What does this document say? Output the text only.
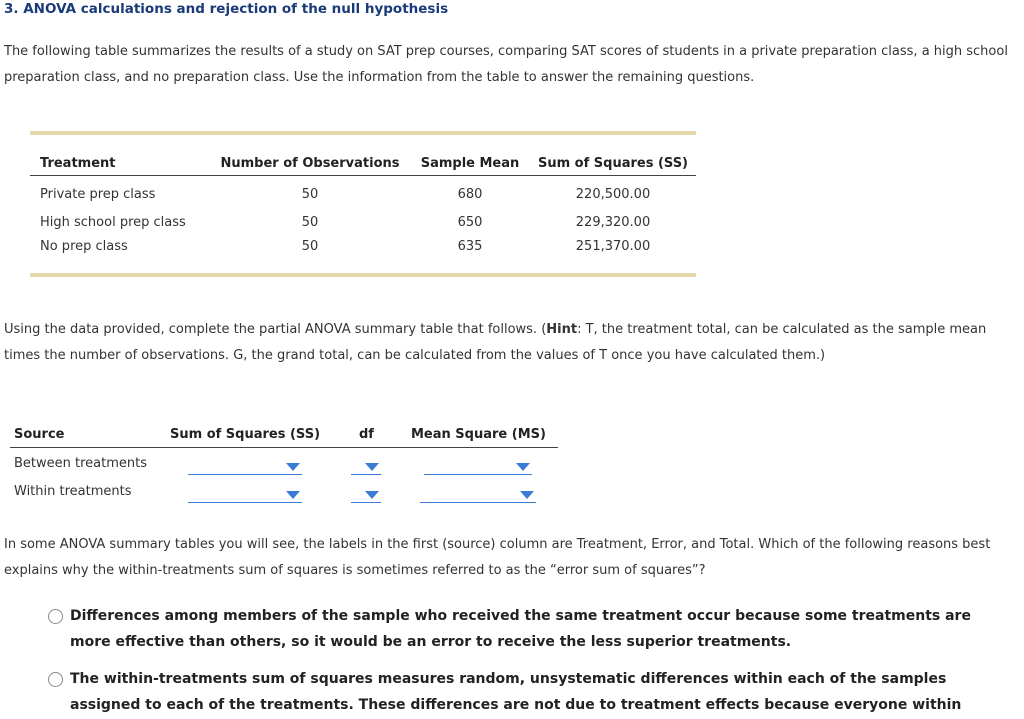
3. ANOVA calculations and rejection of the null hypothesis
The following table summarizes the results of a study on SAT prep courses, comparing SAT scores of students in a private preparation class, a high school preparation class, and no preparation class. Use the information from the table to answer the remaining questions.
Treatment	Number of Observations	Sample Mean	Sum of Squares (SS)
Private prep class	50	680	220,500.00
High school prep class	50	650	229,320.00
No prep class	50	635	251,370.00
Using the data provided, complete the partial ANOVA summary table that follows. (Hint: T, the treatment total, can be calculated as the sample mean times the number of observations. G, the grand total, can be calculated from the values of T once you have calculated them.)
Source	Sum of Squares (SS)	df	Mean Square (MS)
Between treatments
Within treatments
In some ANOVA summary tables you will see, the labels in the first (source) column are Treatment, Error, and Total. Which of the following reasons best explains why the within-treatments sum of squares is sometimes referred to as the “error sum of squares”?
Differences among members of the sample who received the same treatment occur because some treatments are more effective than others, so it would be an error to receive the less superior treatments.
The within-treatments sum of squares measures random, unsystematic differences within each of the samples assigned to each of the treatments. These differences are not due to treatment effects because everyone within
